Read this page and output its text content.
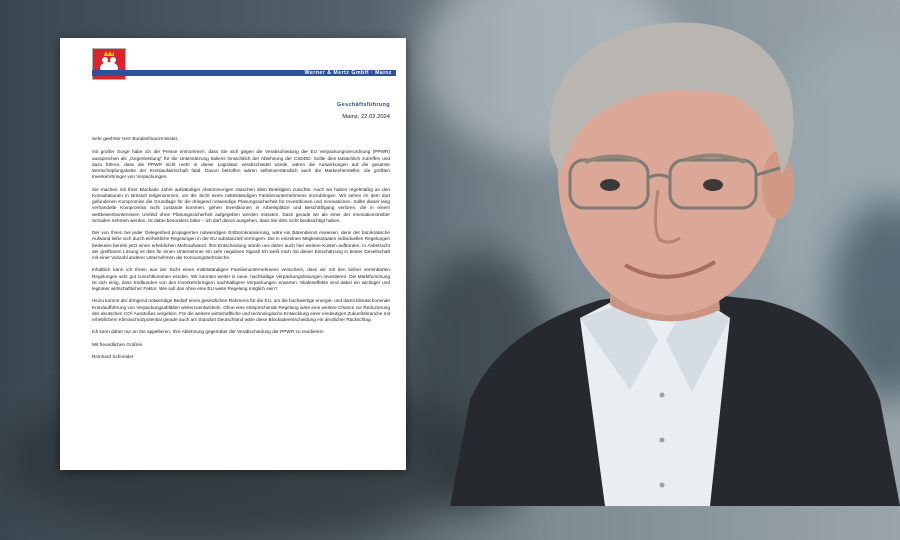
Werner & Mertz GmbH · Mainz
Geschäftsführung
Mainz, 22.02.2024

Sehr geehrter Herr Bundesfinanzminister,

mit großer Sorge habe ich der Presse entnommen, dass Sie sich gegen die Verabschiedung der EU Verpackungsverordnung (PPWR) aussprechen als „Gegenleistung“ für die Unterstützung Italiens hinsichtlich der Ablehnung der CSDDD. Sollte dies tatsächlich zutreffen und dazu führen, dass die PPWR nicht mehr in dieser Legislatur verabschiedet würde, wären die Auswirkungen auf die gesamte Wertschöpfungskette der Kreislaufwirtschaft fatal. Davon betroffen wären selbstverständlich auch die Markenhersteller, die größten Inverkehrbringer von Verpackungen.

Sie machen mit Ihrer Blockade Jahre aufwändiger Abstimmungen zwischen allen Beteiligten zunichte. Auch wir haben regelmäßig an den Konsultationen in Brüssel teilgenommen, um die Sicht eines mittelständigen Familienunternehmens einzubringen. Wir sehen im dem dort gefundenen Kompromiss die Grundlage für die dringend notwendige Planungssicherheit für Investitionen und Innovationen. Sollte dieser lang verhandelte Kompromiss nicht zustande kommen, gehen Investitionen in Arbeitsplätze und Beschäftigung verloren, die in einem wettbewerbsintensiven Umfeld ohne Planungssicherheit aufgegeben werden müssten. Dass gerade wir als einer der innovationstreiber Schaden nehmen werden, ist dabei besonders bitter – ich darf davon ausgehen, dass Sie dies nicht beabsichtigt haben.

Der von Ihnen bei jeder Gelegenheit propagierten notwendigen Entbürokratisierung, wäre ein Bärendienst erwiesen, denn der bürokratische Aufwand ließe sich durch einheitliche Regelungen in der EU substanziell verringern. Die in einzelnen Mitgliedsstaaten individuellen Regelungen bedeuten bereits jetzt einen erheblichen Mehraufwand. Ihre Entscheidung würde uns daher auch hier weitere Kosten aufbürden. In Anbetracht der greifbaren Lösung ist dies für einen Unternehmer ein sehr negatives Signal! Ich weiß mich mit dieser Einschätzung in bester Gesellschaft mit einer Vielzahl anderer Unternehmen der Konsumgüterbranche.

Inhaltlich kann ich Ihnen aus der Sicht eines mittelständigen Familienunternehmens versichern, dass wir mit den bisher vereinbarten Regelungen sehr gut zurechtkommen würden. Wir könnten weiter in neue, nachhaltige Verpackungslösungen investieren. Die Marktforschung ist sich einig, dass Endkunden von den Inverkehrbringern nachhaltigere Verpackungen erwarten. Skaleneffekte sind dabei ein wichtiger und legitimer wirtschaftlicher Faktor. Wie soll das ohne eine EU weite Regelung möglich sein?

Hinzu kommt der dringend notwendige Bedarf eines gesetzlichen Rahmens für die EU, um die hochwertige energie- und damit klimaschonende Kreislaufführung von Verpackungsabfällen weiterzuentwickeln. Ohne eine entsprechende Regelung wäre eine weitere Chance zur Reduzierung des deutschen CO² Ausstoßes vergeben. Für die weitere wirtschaftliche und technologische Entwicklung einer eindeutigen Zukunftsbranche mit erheblichem Klimaschutzpotential gerade auch am Standort Deutschland wäre diese Blockadeentscheidung ein deutlicher Rückschlag.

Ich kann daher nur an Sie appellieren, Ihre Ablehnung gegenüber der Verabschiedung der PPWR zu revidieren!

Mit freundlichen Grüßen

Reinhard Schneider
